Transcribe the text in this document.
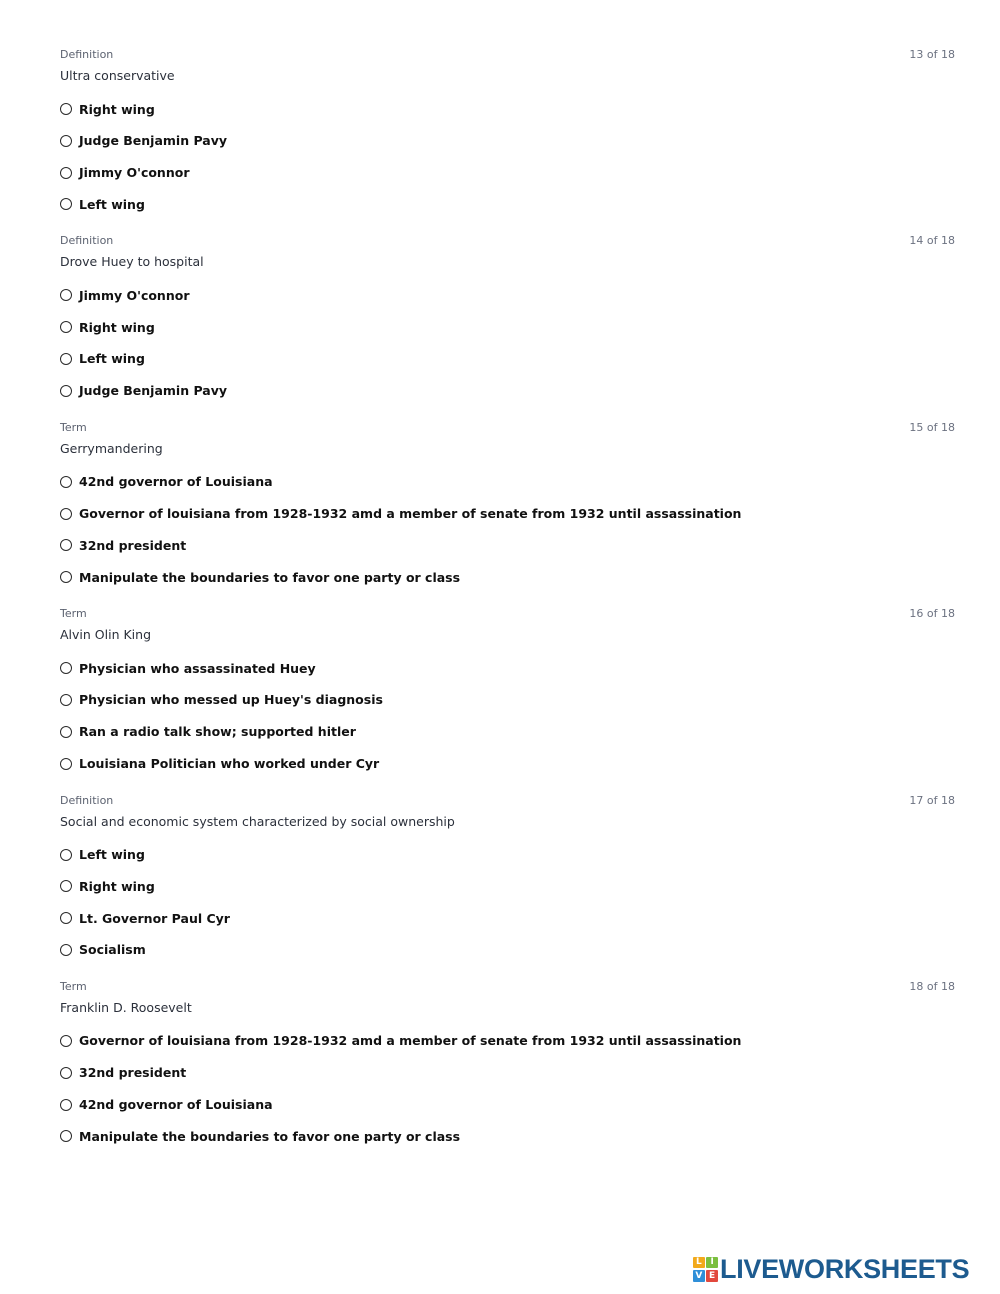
Definition	13 of 18
Ultra conservative
Right wing
Judge Benjamin Pavy
Jimmy O'connor
Left wing
Definition	14 of 18
Drove Huey to hospital
Jimmy O'connor
Right wing
Left wing
Judge Benjamin Pavy
Term	15 of 18
Gerrymandering
42nd governor of Louisiana
Governor of louisiana from 1928-1932 amd a member of senate from 1932 until assassination
32nd president
Manipulate the boundaries to favor one party or class
Term	16 of 18
Alvin Olin King
Physician who assassinated Huey
Physician who messed up Huey's diagnosis
Ran a radio talk show; supported hitler
Louisiana Politician who worked under Cyr
Definition	17 of 18
Social and economic system characterized by social ownership
Left wing
Right wing
Lt. Governor Paul Cyr
Socialism
Term	18 of 18
Franklin D. Roosevelt
Governor of louisiana from 1928-1932 amd a member of senate from 1932 until assassination
32nd president
42nd governor of Louisiana
Manipulate the boundaries to favor one party or class
L I
V E LIVEWORKSHEETS
